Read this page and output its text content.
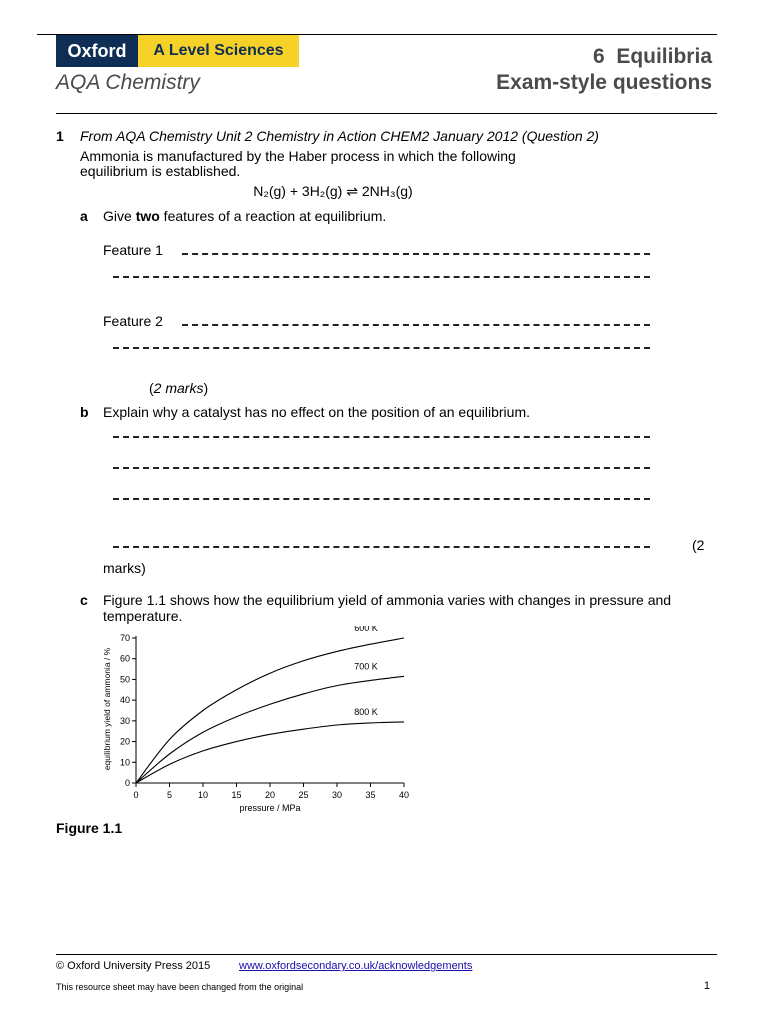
Oxford	A Level Sciences
AQA Chemistry
6 Equilibria
Exam-style questions
1 From AQA Chemistry Unit 2 Chemistry in Action CHEM2 January 2012 (Question 2)
Ammonia is manufactured by the Haber process in which the following
equilibrium is established.
N₂(g) + 3H₂(g) ⇌ 2NH₃(g)
a Give two features of a reaction at equilibrium.
Feature 1
Feature 2
(2 marks)
b Explain why a catalyst has no effect on the position of an equilibrium.
(2
marks)
c Figure 1.1 shows how the equilibrium yield of ammonia varies with changes in pressure and
temperature.
0
10
20
30
40
50
60
70
0	5	10	15	20	25	30	35	40
600 K
700 K
800 K
pressure / MPa
equilibrium yield of ammonia / %
Figure 1.1
© Oxford University Press 2015	www.oxfordsecondary.co.uk/acknowledgements
This resource sheet may have been changed from the original	1
